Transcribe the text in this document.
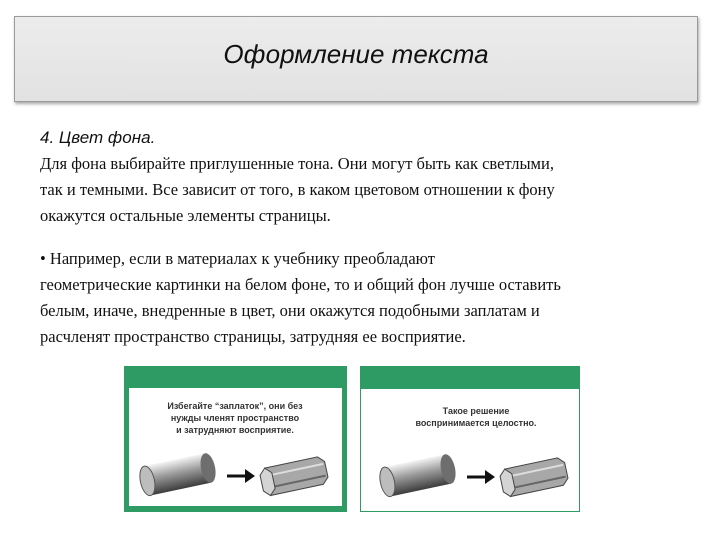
Оформление текста
4. Цвет фона.
Для фона выбирайте приглушенные тона. Они могут быть как светлыми,
так и темными. Все зависит от того, в каком цветовом отношении к фону
окажутся остальные элементы страницы.
• Например, если в материалах к учебнику преобладают
геометрические картинки на белом фоне, то и общий фон лучше оставить
белым, иначе, внедренные в цвет, они окажутся подобными заплатам и
расчленят пространство страницы, затрудняя ее восприятие.
Избегайте “заплаток”, они без
нужды членят пространство
и затрудняют восприятие.
Такое решение
воспринимается целостно.
